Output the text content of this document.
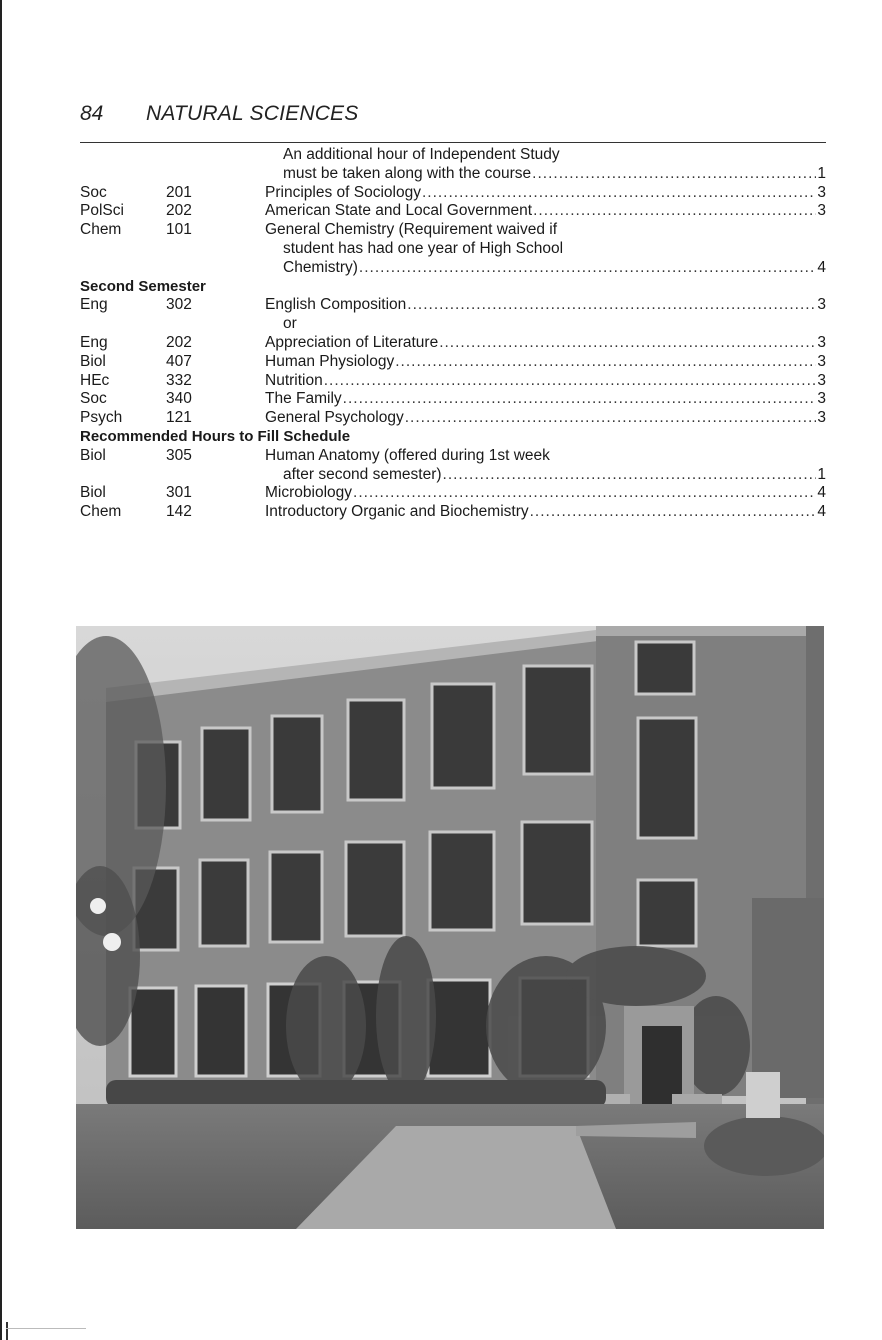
84 NATURAL SCIENCES
An additional hour of Independent Study
must be taken along with the course .....	1
Soc	201	Principles of Sociology .....	3
PolSci	202	American State and Local Government .....	3
Chem	101	General Chemistry (Requirement waived if
student has had one year of High School
Chemistry) .....	4
Second Semester
Eng	302	English Composition .....	3
or
Eng	202	Appreciation of Literature .....	3
Biol	407	Human Physiology .....	3
HEc	332	Nutrition .....	3
Soc	340	The Family .....	3
Psych	121	General Psychology .....	3
Recommended Hours to Fill Schedule
Biol	305	Human Anatomy (offered during 1st week
after second semester) .....	1
Biol	301	Microbiology .....	4
Chem	142	Introductory Organic and Biochemistry .....	4
